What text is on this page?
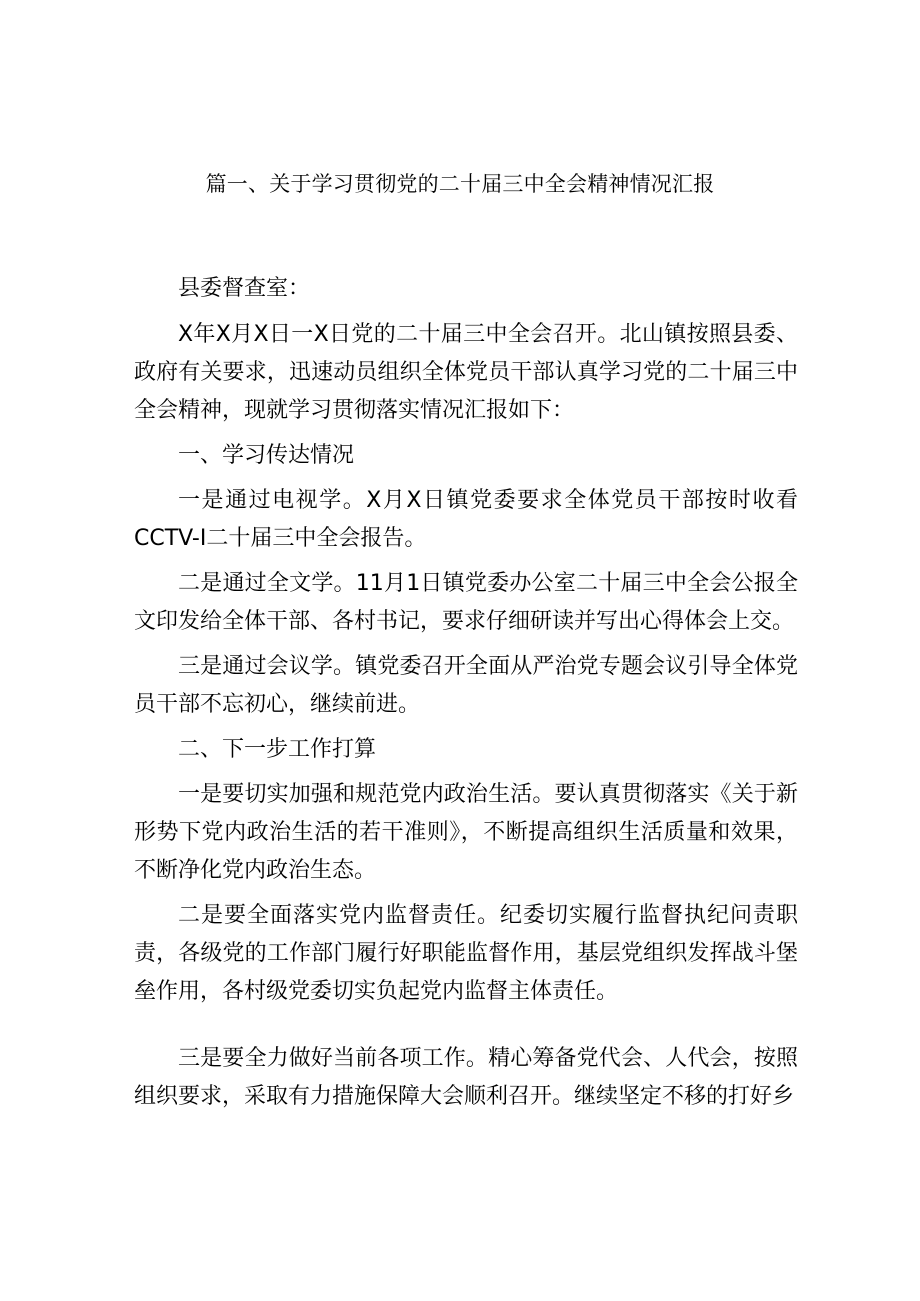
篇一、关于学习贯彻党的二十届三中全会精神情况汇报

县委督查室：

X年X月X日一X日党的二十届三中全会召开。北山镇按照县委、政府有关要求，迅速动员组织全体党员干部认真学习党的二十届三中全会精神，现就学习贯彻落实情况汇报如下：

一、学习传达情况

一是通过电视学。X月X日镇党委要求全体党员干部按时收看CCTV-I二十届三中全会报告。

二是通过全文学。11月1日镇党委办公室二十届三中全会公报全文印发给全体干部、各村书记，要求仔细研读并写出心得体会上交。

三是通过会议学。镇党委召开全面从严治党专题会议引导全体党员干部不忘初心，继续前进。

二、下一步工作打算

一是要切实加强和规范党内政治生活。要认真贯彻落实《关于新形势下党内政治生活的若干准则》，不断提高组织生活质量和效果，不断净化党内政治生态。

二是要全面落实党内监督责任。纪委切实履行监督执纪问责职责，各级党的工作部门履行好职能监督作用，基层党组织发挥战斗堡垒作用，各村级党委切实负起党内监督主体责任。

三是要全力做好当前各项工作。精心筹备党代会、人代会，按照组织要求，采取有力措施保障大会顺利召开。继续坚定不移的打好乡
